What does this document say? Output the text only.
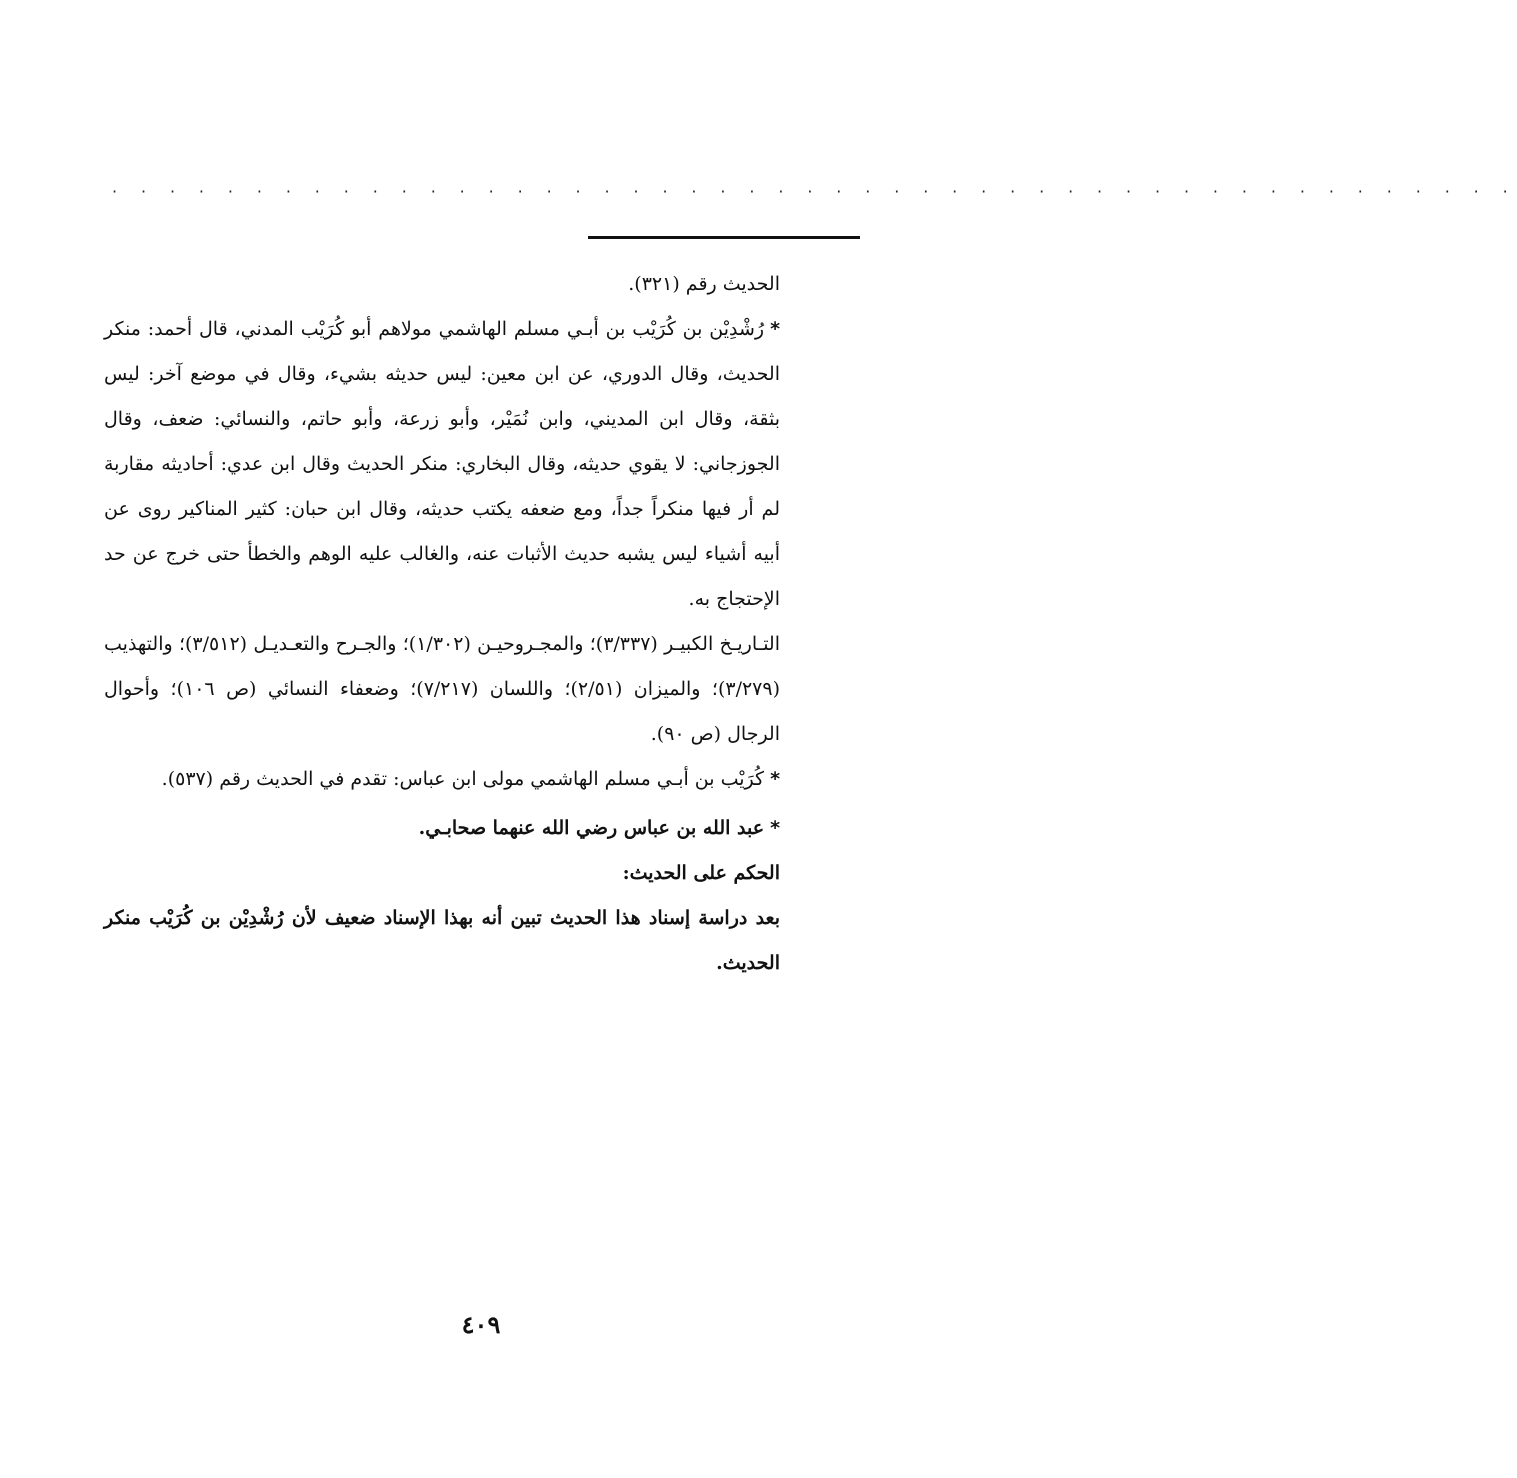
· · · · · · · · · · · · · · · · · · · · · · · · · · · · · · · · · · · · · · · · · · · · · · · · ·

الحديث رقم (٣٢١).

*رُشْدِيْن بن كُرَيْب بن أبـي مسلم الهاشمي مولاهم أبو كُرَيْب المدني، قال أحمد: منكر الحديث، وقال الدوري، عن ابن معين: ليس حديثه بشيء، وقال في موضع آخر: ليس بثقة، وقال ابن المديني، وابن نُمَيْر، وأبو زرعة، وأبو حاتم، والنسائي: ضعف، وقال الجوزجاني: لا يقوي حديثه، وقال البخاري: منكر الحديث وقال ابن عدي: أحاديثه مقاربة لم أر فيها منكراً جداً، ومع ضعفه يكتب حديثه، وقال ابن حبان: كثير المناكير روى عن أبيه أشياء ليس يشبه حديث الأثبات عنه، والغالب عليه الوهم والخطأ حتى خرج عن حد الإحتجاج به.

التـاريـخ الكبيـر (٣/٣٣٧)؛ والمجـروحيـن (١/٣٠٢)؛ والجـرح والتعـديـل (٣/٥١٢)؛ والتهذيب (٣/٢٧٩)؛ والميزان (٢/٥١)؛ واللسان (٧/٢١٧)؛ وضعفاء النسائي (ص ١٠٦)؛ وأحوال الرجال (ص ٩٠).

*كُرَيْب بن أبـي مسلم الهاشمي مولى ابن عباس: تقدم في الحديث رقم (٥٣٧).

*عبد الله بن عباس رضي الله عنهما صحابـي.

الحكم على الحديث:

بعد دراسة إسناد هذا الحديث تبين أنه بهذا الإسناد ضعيف لأن رُشْدِيْن بن كُرَيْب منكر الحديث.

٤٠٩
